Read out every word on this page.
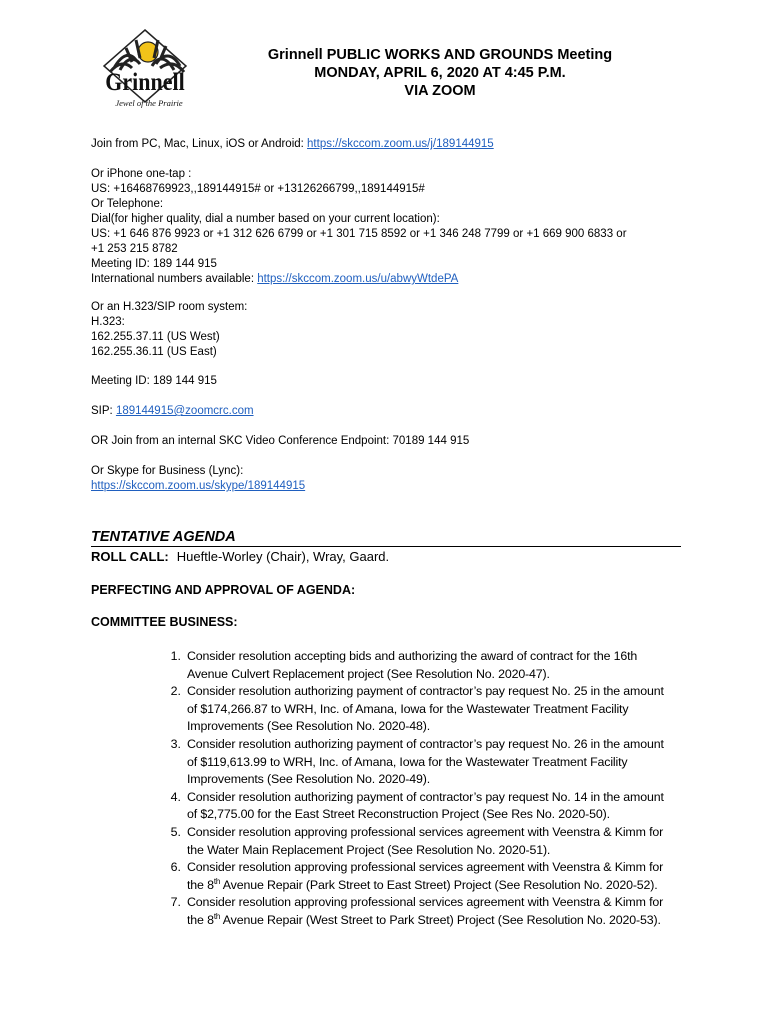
Grinnell
Jewel of the Prairie
Grinnell PUBLIC WORKS AND GROUNDS Meeting
MONDAY, APRIL 6, 2020 AT 4:45 P.M.
VIA ZOOM
Join from PC, Mac, Linux, iOS or Android: https://skccom.zoom.us/j/189144915
Or iPhone one-tap :
US: +16468769923,,189144915# or +13126266799,,189144915#
Or Telephone:
Dial(for higher quality, dial a number based on your current location):
US: +1 646 876 9923 or +1 312 626 6799 or +1 301 715 8592 or +1 346 248 7799 or +1 669 900 6833 or
+1 253 215 8782
Meeting ID: 189 144 915
International numbers available: https://skccom.zoom.us/u/abwyWtdePA
Or an H.323/SIP room system:
H.323:
162.255.37.11 (US West)
162.255.36.11 (US East)
Meeting ID: 189 144 915
SIP: 189144915@zoomcrc.com
OR Join from an internal SKC Video Conference Endpoint: 70189 144 915
Or Skype for Business (Lync):
https://skccom.zoom.us/skype/189144915
TENTATIVE AGENDA
ROLL CALL: Hueftle-Worley (Chair), Wray, Gaard.
PERFECTING AND APPROVAL OF AGENDA:
COMMITTEE BUSINESS:
1. Consider resolution accepting bids and authorizing the award of contract for the 16th
Avenue Culvert Replacement project (See Resolution No. 2020-47).
2. Consider resolution authorizing payment of contractor’s pay request No. 25 in the amount
of $174,266.87 to WRH, Inc. of Amana, Iowa for the Wastewater Treatment Facility
Improvements (See Resolution No. 2020-48).
3. Consider resolution authorizing payment of contractor’s pay request No. 26 in the amount
of $119,613.99 to WRH, Inc. of Amana, Iowa for the Wastewater Treatment Facility
Improvements (See Resolution No. 2020-49).
4. Consider resolution authorizing payment of contractor’s pay request No. 14 in the amount
of $2,775.00 for the East Street Reconstruction Project (See Res No. 2020-50).
5. Consider resolution approving professional services agreement with Veenstra & Kimm for
the Water Main Replacement Project (See Resolution No. 2020-51).
6. Consider resolution approving professional services agreement with Veenstra & Kimm for
the 8th Avenue Repair (Park Street to East Street) Project (See Resolution No. 2020-52).
7. Consider resolution approving professional services agreement with Veenstra & Kimm for
the 8th Avenue Repair (West Street to Park Street) Project (See Resolution No. 2020-53).
